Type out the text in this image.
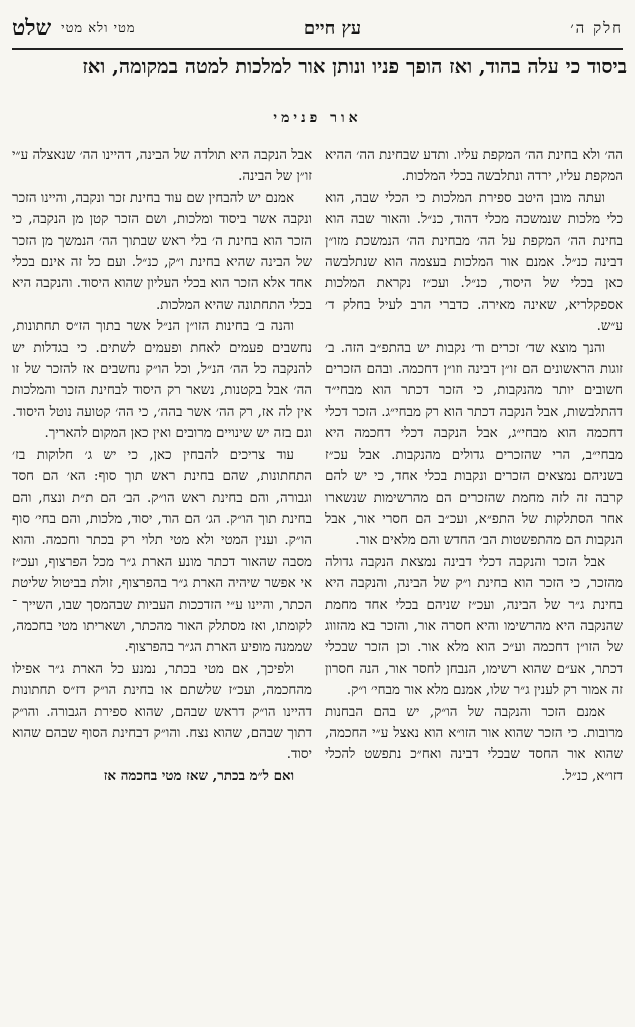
חלק ה׳
עץ חיים
מטי ולא מטי
שלט
ביסוד כי עלה בהוד, ואז הופך פניו ונותן אור למלכות למטה במקומה, ואז
אור פנימי

הה׳ ולא בחינת הה׳ המקפת עליו. ותדע שבחינת הה׳ ההיא המקפת עליו, ירדה ונתלבשה בכלי המלכות.

ועתה מובן היטב ספירת המלכות כי הכלי שבה, הוא כלי מלכות שנמשכה מכלי דהוד, כנ״ל. והאור שבה הוא בחינת הה׳ המקפת על הה׳ מבחינת הה׳ הנמשכת מזו״ן דבינה כנ״ל. אמנם אור המלכות בעצמה הוא שנתלבשה כאן בכלי של היסוד, כנ״ל. ועכ״ז נקראת המלכות אספקלריא, שאינה מאירה. כדברי הרב לעיל בחלק ד׳ ע״ש.

והנך מוצא שד׳ זכרים וד׳ נקבות יש בהתפ״ב הזה. ב׳ זוגות הראשונים הם זו״ן דבינה וזו״ן דחכמה. ובהם הזכרים חשובים יותר מהנקבות, כי הזכר דכתר הוא מבחי״ד דהתלבשות, אבל הנקבה דכתר הוא רק מבחי״ג. הזכר דכלי דחכמה הוא מבחי״ג, אבל הנקבה דכלי דחכמה היא מבחי״ב, הרי שהזכרים גדולים מהנקבות. אבל עכ״ז בשניהם נמצאים הזכרים ונקבות בכלי אחד, כי יש להם קרבה זה לזה מחמת שהזכרים הם מהרשימות שנשארו אחר הסתלקות של התפ״א, ועכ״ב הם חסרי אור, אבל הנקבות הם מהתפשטות הב׳ החדש והם מלאים אור.

אבל הזכר והנקבה דכלי דבינה נמצאת הנקבה גדולה מהזכר, כי הזכר הוא בחינת ו״ק של הבינה, והנקבה היא בחינת ג״ר של הבינה, ועכ״ז שניהם בכלי אחד מחמת שהנקבה היא מהרשימו והיא חסרה אור, והזכר בא מהזווג של הזו״ן דחכמה וע״כ הוא מלא אור. וכן הזכר שבכלי דכתר, אע״ם שהוא רשימו, הנבחן לחסר אור, הנה חסרון זה אמור רק לענין ג״ר שלו, אמנם מלא אור מבחי׳ ו״ק.

אמנם הזכר והנקבה של הו״ק, יש בהם הבחנות מרובות. כי הזכר שהוא אור הזו״א הוא נאצל ע״י החכמה, שהוא אור החסד שבכלי דבינה ואח״כ נתפשט להכלי דזו״א, כנ״ל.

אבל הנקבה היא תולדה של הבינה, דהיינו הה׳ שנאצלה ע״י זו״ן של הבינה.

אמנם יש להבחין שם עוד בחינת זכר ונקבה, והיינו הזכר ונקבה אשר ביסוד ומלכות, ושם הזכר קטן מן הנקבה, כי הזכר הוא בחינת ה׳ בלי ראש שבתוך הה׳ הנמשך מן הזכר של הבינה שהיא בחינת ו״ק, כנ״ל. ועם כל זה אינם בכלי אחד אלא הזכר הוא בכלי העליון שהוא היסוד. והנקבה היא בכלי התחתונה שהיא המלכות.

והנה ב׳ בחינות הזו״ן הנ״ל אשר בתוך הז״ס תחתונות, נחשבים פעמים לאחת ופעמים לשתים. כי בגדלות יש להנקבה כל הה׳ הנ״ל, וכל הו״ק נחשבים אז להזכר של זו הה׳ אבל בקטנות, נשאר רק היסוד לבחינת הזכר והמלכות אין לה אז, רק הה׳ אשר בהה׳, כי הה׳ קטועה נוטל היסוד. וגם בזה יש שינויים מרובים ואין כאן המקום להאריך.

עוד צריכים להבחין כאן, כי יש ג׳ חלוקות בז׳ התחתונות, שהם בחינת ראש תוך סוף: הא׳ הם חסד וגבורה, והם בחינת ראש הו״ק. הב׳ הם ת״ת ונצח, והם בחינת תוך הו״ק. הג׳ הם הוד, יסוד, מלכות, והם בחי׳ סוף הו״ק. וענין המטי ולא מטי תלוי רק בכתר וחכמה. והוא מסבה שהאור דכתר מונע הארת ג״ר מכל הפרצוף, ועכ״ז אי אפשר שיהיה הארת ג״ר בהפרצוף, זולת בביטול שליטת הכתר, והיינו ע״י הזדככות העביות שבהמסך שבו, השייך ־לקומתו, ואז מסתלק האור מהכתר, ושאריתו מטי בחכמה, שממנה מופיע הארת הג״ר בהפרצוף.

ולפיכך, אם מטי בכתר, נמנע כל הארת ג״ר אפילו מהחכמה, ועכ״ז שלשתם או בחינת הו״ק דז״ס תחתונות דהיינו הו״ק דראש שבהם, שהוא ספירת הגבורה. והו״ק דתוך שבהם, שהוא נצח. והו״ק דבחינת הסוף שבהם שהוא יסוד.

ואם ל״מ בכתר, שאז מטי בחכמה אז
